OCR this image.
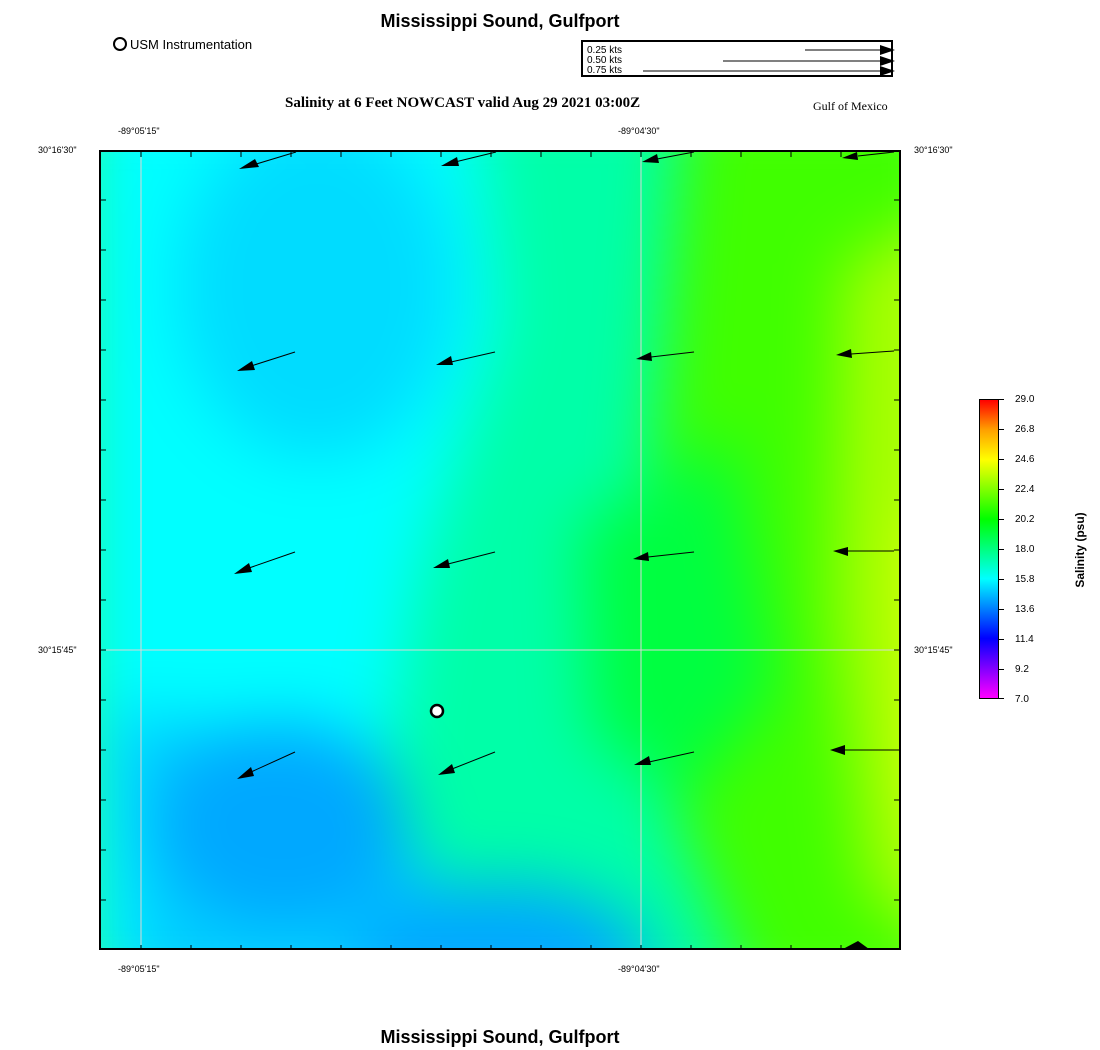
Mississippi Sound, Gulfport
USM Instrumentation	0.25 kts
0.50 kts
0.75 kts
Salinity at 6 Feet NOWCAST valid Aug 29 2021 03:00Z	Gulf of Mexico
-89°05'15"	-89°04'30"
-89°05'15"	-89°04'30"
30°16'30"
30°15'45"
30°16'30"
30°15'45"
29.0
26.8
24.6
22.4
20.2
18.0
15.8
13.6
11.4
9.2
7.0
Salinity (psu)
Mississippi Sound, Gulfport
